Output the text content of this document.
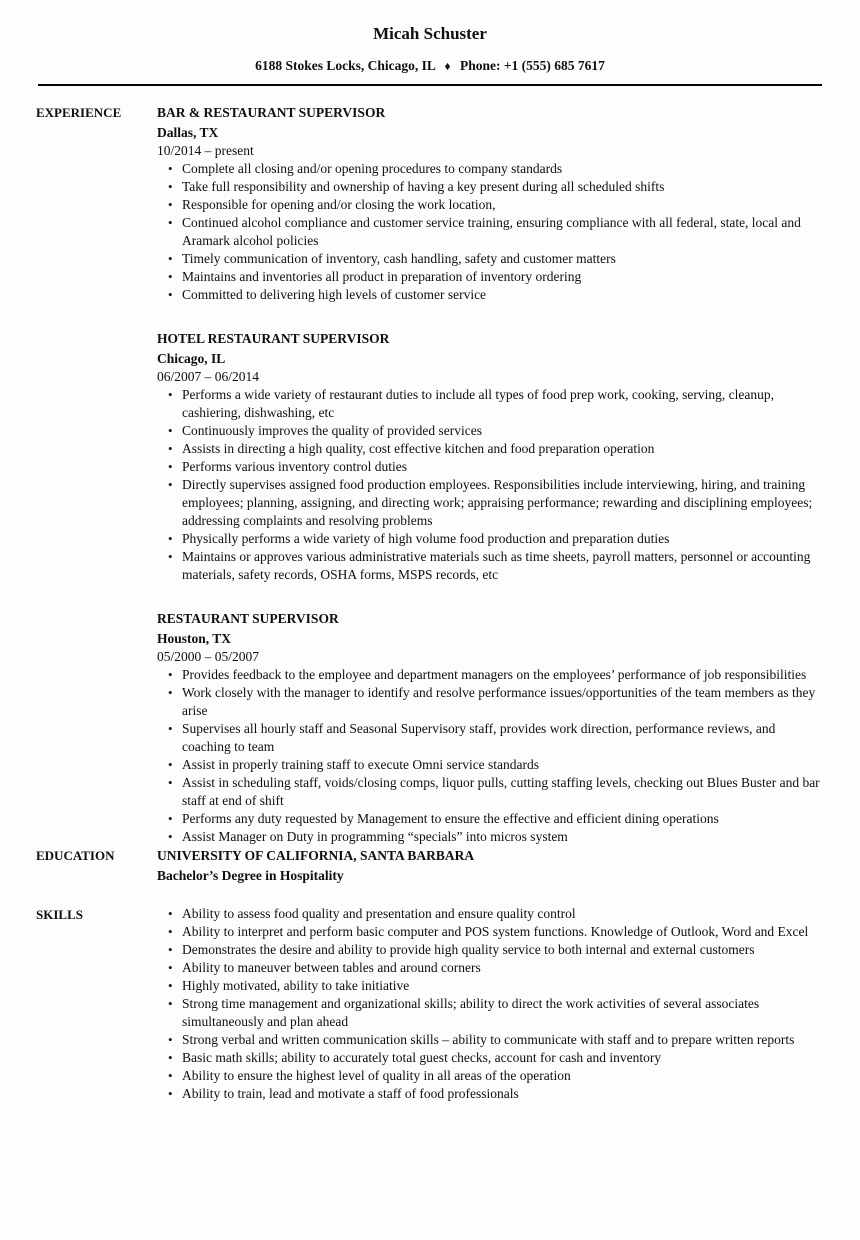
Micah Schuster
6188 Stokes Locks, Chicago, IL ♦ Phone: +1 (555) 685 7617
EXPERIENCE	BAR & RESTAURANT SUPERVISOR
Dallas, TX
10/2014 – present
• Complete all closing and/or opening procedures to company standards
• Take full responsibility and ownership of having a key present during all scheduled shifts
• Responsible for opening and/or closing the work location,
• Continued alcohol compliance and customer service training, ensuring compliance with all federal, state, local and Aramark alcohol policies
• Timely communication of inventory, cash handling, safety and customer matters
• Maintains and inventories all product in preparation of inventory ordering
• Committed to delivering high levels of customer service
HOTEL RESTAURANT SUPERVISOR
Chicago, IL
06/2007 – 06/2014
• Performs a wide variety of restaurant duties to include all types of food prep work, cooking, serving, cleanup, cashiering, dishwashing, etc
• Continuously improves the quality of provided services
• Assists in directing a high quality, cost effective kitchen and food preparation operation
• Performs various inventory control duties
• Directly supervises assigned food production employees. Responsibilities include interviewing, hiring, and training employees; planning, assigning, and directing work; appraising performance; rewarding and disciplining employees; addressing complaints and resolving problems
• Physically performs a wide variety of high volume food production and preparation duties
• Maintains or approves various administrative materials such as time sheets, payroll matters, personnel or accounting materials, safety records, OSHA forms, MSPS records, etc
RESTAURANT SUPERVISOR
Houston, TX
05/2000 – 05/2007
• Provides feedback to the employee and department managers on the employees’ performance of job responsibilities
• Work closely with the manager to identify and resolve performance issues/opportunities of the team members as they arise
• Supervises all hourly staff and Seasonal Supervisory staff, provides work direction, performance reviews, and coaching to team
• Assist in properly training staff to execute Omni service standards
• Assist in scheduling staff, voids/closing comps, liquor pulls, cutting staffing levels, checking out Blues Buster and bar staff at end of shift
• Performs any duty requested by Management to ensure the effective and efficient dining operations
• Assist Manager on Duty in programming “specials” into micros system
EDUCATION	UNIVERSITY OF CALIFORNIA, SANTA BARBARA
Bachelor’s Degree in Hospitality
SKILLS	• Ability to assess food quality and presentation and ensure quality control
• Ability to interpret and perform basic computer and POS system functions. Knowledge of Outlook, Word and Excel
• Demonstrates the desire and ability to provide high quality service to both internal and external customers
• Ability to maneuver between tables and around corners
• Highly motivated, ability to take initiative
• Strong time management and organizational skills; ability to direct the work activities of several associates simultaneously and plan ahead
• Strong verbal and written communication skills – ability to communicate with staff and to prepare written reports
• Basic math skills; ability to accurately total guest checks, account for cash and inventory
• Ability to ensure the highest level of quality in all areas of the operation
• Ability to train, lead and motivate a staff of food professionals
